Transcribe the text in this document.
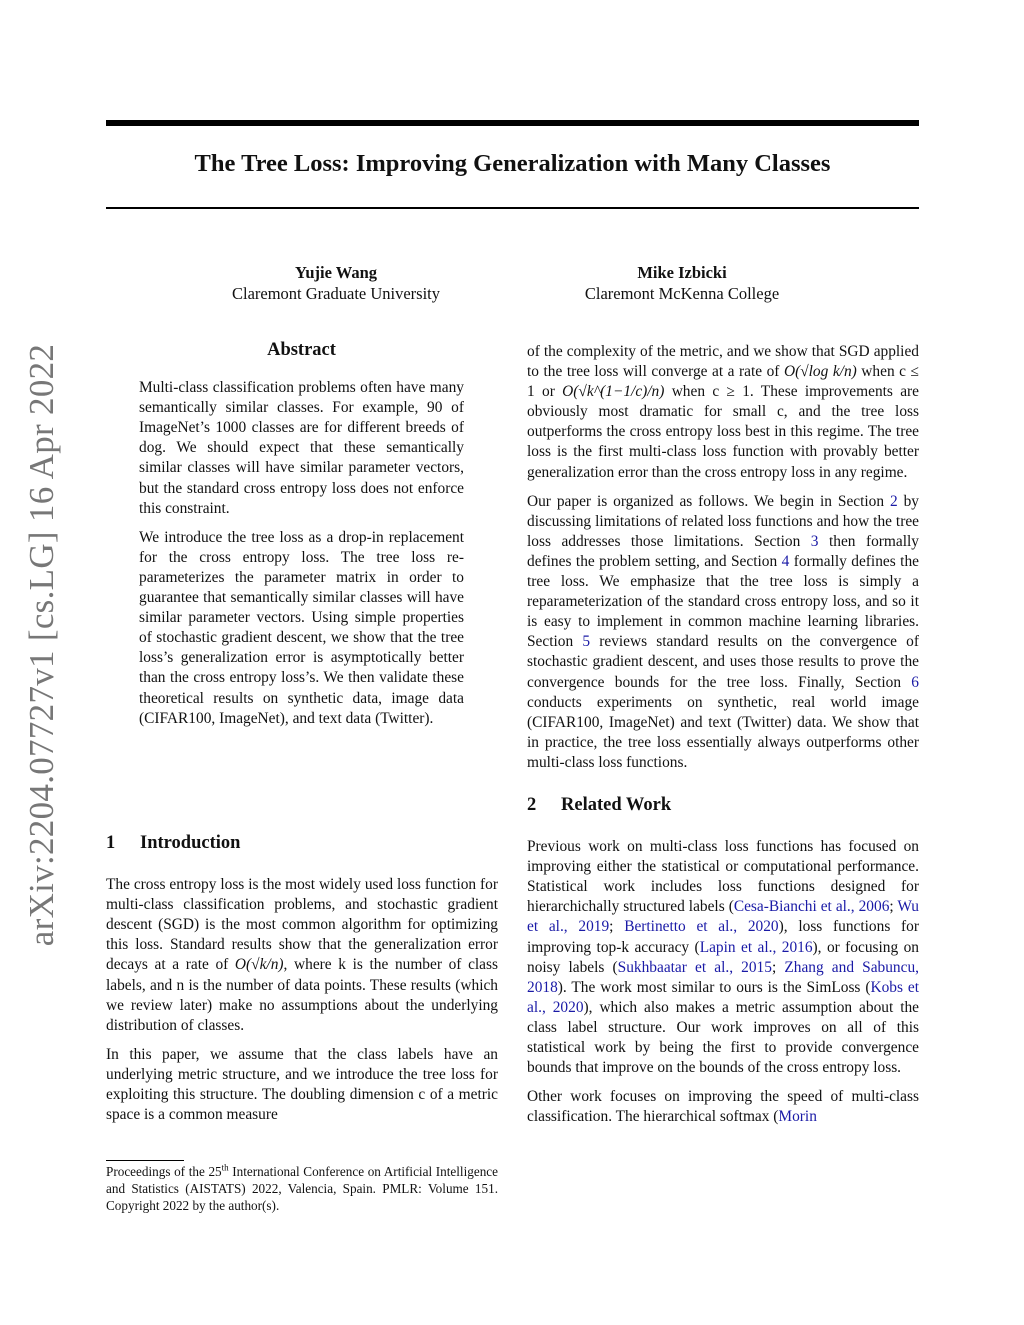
arXiv:2204.07727v1 [cs.LG] 16 Apr 2022
The Tree Loss: Improving Generalization with Many Classes
Yujie Wang
Claremont Graduate University
Mike Izbicki
Claremont McKenna College
Abstract

Multi-class classification problems often have many semantically similar classes. For example, 90 of ImageNet’s 1000 classes are for different breeds of dog. We should expect that these semantically similar classes will have similar parameter vectors, but the standard cross entropy loss does not enforce this constraint.

We introduce the tree loss as a drop-in replacement for the cross entropy loss. The tree loss re-parameterizes the parameter matrix in order to guarantee that semantically similar classes will have similar parameter vectors. Using simple properties of stochastic gradient descent, we show that the tree loss’s generalization error is asymptotically better than the cross entropy loss’s. We then validate these theoretical results on synthetic data, image data (CIFAR100, ImageNet), and text data (Twitter).

1 Introduction

The cross entropy loss is the most widely used loss function for multi-class classification problems, and stochastic gradient descent (SGD) is the most common algorithm for optimizing this loss. Standard results show that the generalization error decays at a rate of O(√k/n), where k is the number of class labels, and n is the number of data points. These results (which we review later) make no assumptions about the underlying distribution of classes.

In this paper, we assume that the class labels have an underlying metric structure, and we introduce the tree loss for exploiting this structure. The doubling dimension c of a metric space is a common measure

Proceedings of the 25th International Conference on Artificial Intelligence and Statistics (AISTATS) 2022, Valencia, Spain. PMLR: Volume 151. Copyright 2022 by the author(s).

of the complexity of the metric, and we show that SGD applied to the tree loss will converge at a rate of O(√log k/n) when c ≤ 1 or O(√k^(1−1/c)/n) when c ≥ 1. These improvements are obviously most dramatic for small c, and the tree loss outperforms the cross entropy loss best in this regime. The tree loss is the first multi-class loss function with provably better generalization error than the cross entropy loss in any regime.

Our paper is organized as follows. We begin in Section 2 by discussing limitations of related loss functions and how the tree loss addresses those limitations. Section 3 then formally defines the problem setting, and Section 4 formally defines the tree loss. We emphasize that the tree loss is simply a reparameterization of the standard cross entropy loss, and so it is easy to implement in common machine learning libraries. Section 5 reviews standard results on the convergence of stochastic gradient descent, and uses those results to prove the convergence bounds for the tree loss. Finally, Section 6 conducts experiments on synthetic, real world image (CIFAR100, ImageNet) and text (Twitter) data. We show that in practice, the tree loss essentially always outperforms other multi-class loss functions.

2 Related Work

Previous work on multi-class loss functions has focused on improving either the statistical or computational performance. Statistical work includes loss functions designed for hierarchichally structured labels (Cesa-Bianchi et al., 2006; Wu et al., 2019; Bertinetto et al., 2020), loss functions for improving top-k accuracy (Lapin et al., 2016), or focusing on noisy labels (Sukhbaatar et al., 2015; Zhang and Sabuncu, 2018). The work most similar to ours is the SimLoss (Kobs et al., 2020), which also makes a metric assumption about the class label structure. Our work improves on all of this statistical work by being the first to provide convergence bounds that improve on the bounds of the cross entropy loss.

Other work focuses on improving the speed of multi-class classification. The hierarchical softmax (Morin
